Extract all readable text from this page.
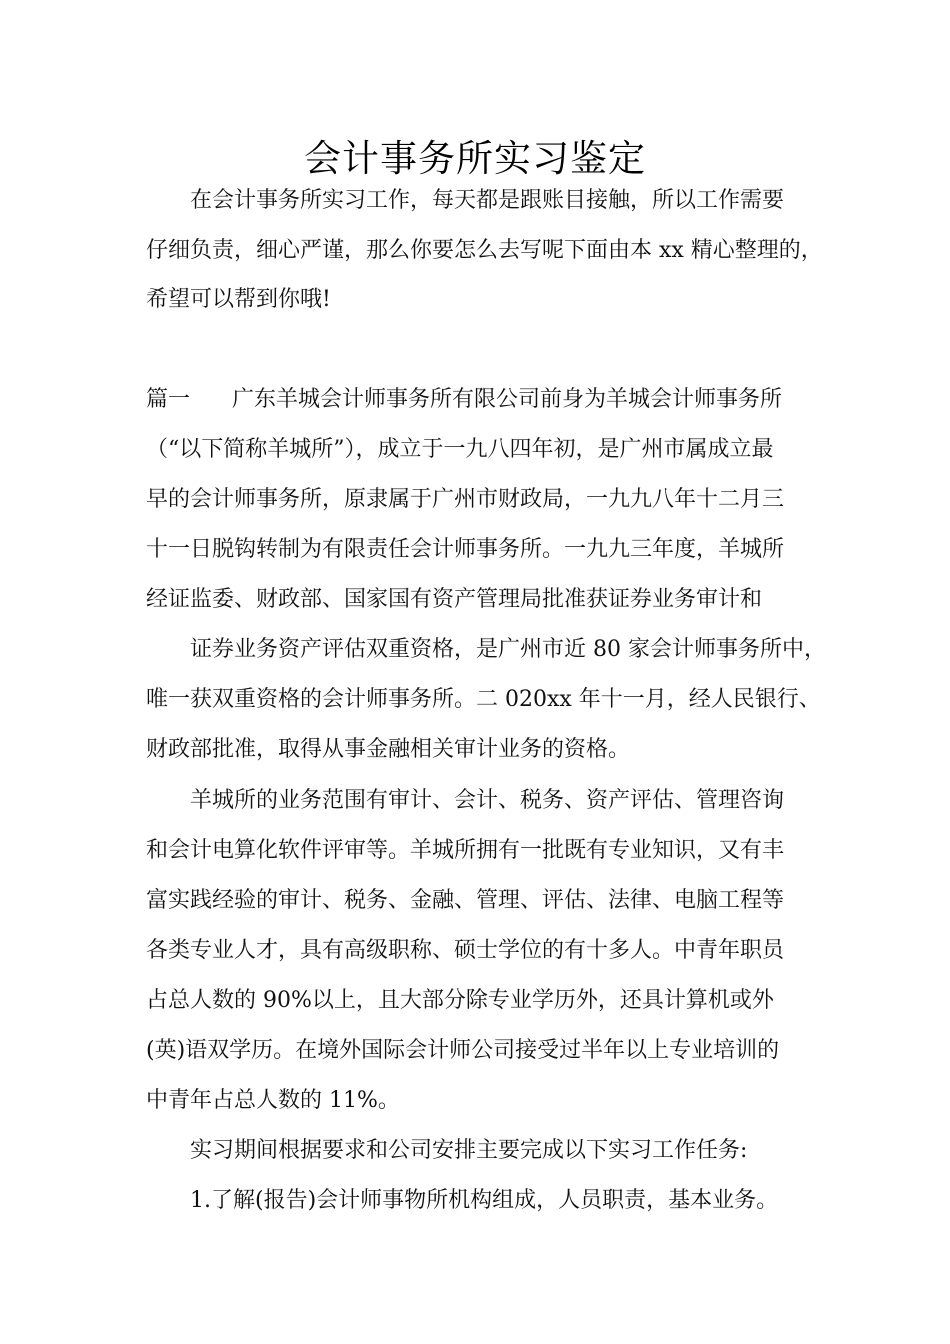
会计事务所实习鉴定

在会计事务所实习工作，每天都是跟账目接触，所以工作需要

仔细负责，细心严谨，那么你要怎么去写呢下面由本 xx 精心整理的，

希望可以帮到你哦!

篇一 广东羊城会计师事务所有限公司前身为羊城会计师事务所

（“以下简称羊城所”），成立于一九八四年初，是广州市属成立最

早的会计师事务所，原隶属于广州市财政局，一九九八年十二月三

十一日脱钩转制为有限责任会计师事务所。一九九三年度，羊城所

经证监委、财政部、国家国有资产管理局批准获证券业务审计和

证券业务资产评估双重资格，是广州市近 80 家会计师事务所中，

唯一获双重资格的会计师事务所。二 020xx 年十一月，经人民银行、

财政部批准，取得从事金融相关审计业务的资格。

羊城所的业务范围有审计、会计、税务、资产评估、管理咨询

和会计电算化软件评审等。羊城所拥有一批既有专业知识，又有丰

富实践经验的审计、税务、金融、管理、评估、法律、电脑工程等

各类专业人才，具有高级职称、硕士学位的有十多人。中青年职员

占总人数的 90%以上，且大部分除专业学历外，还具计算机或外

(英)语双学历。在境外国际会计师公司接受过半年以上专业培训的

中青年占总人数的 11%。

实习期间根据要求和公司安排主要完成以下实习工作任务:

1.了解(报告)会计师事物所机构组成，人员职责，基本业务。
